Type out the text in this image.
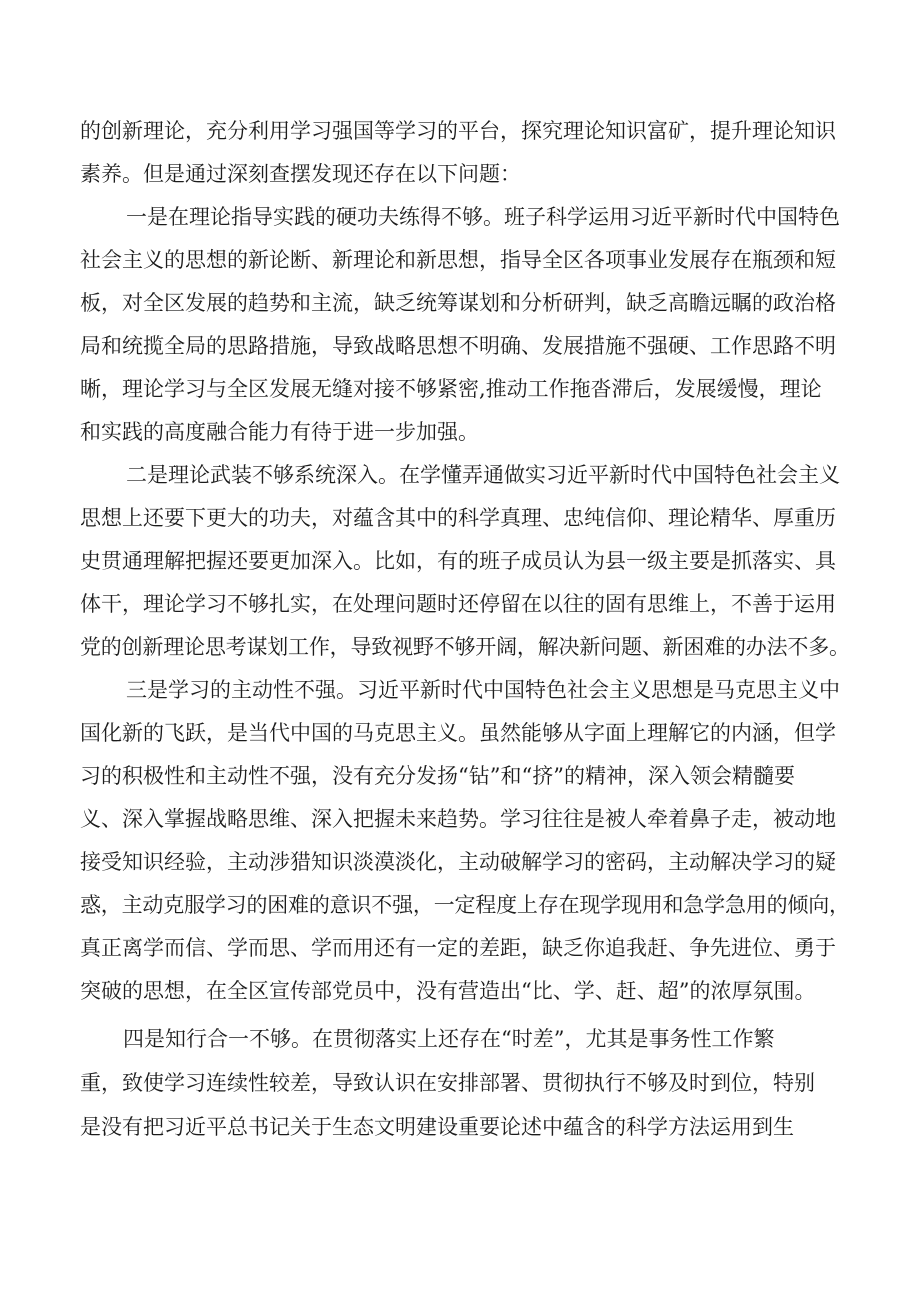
的创新理论，充分利用学习强国等学习的平台，探究理论知识富矿，提升理论知识
素养。但是通过深刻查摆发现还存在以下问题：
一是在理论指导实践的硬功夫练得不够。班子科学运用习近平新时代中国特色
社会主义的思想的新论断、新理论和新思想，指导全区各项事业发展存在瓶颈和短
板，对全区发展的趋势和主流，缺乏统筹谋划和分析研判，缺乏高瞻远瞩的政治格
局和统揽全局的思路措施，导致战略思想不明确、发展措施不强硬、工作思路不明
晰，理论学习与全区发展无缝对接不够紧密,推动工作拖沓滞后，发展缓慢，理论
和实践的高度融合能力有待于进一步加强。
二是理论武装不够系统深入。在学懂弄通做实习近平新时代中国特色社会主义
思想上还要下更大的功夫，对蕴含其中的科学真理、忠纯信仰、理论精华、厚重历
史贯通理解把握还要更加深入。比如，有的班子成员认为县一级主要是抓落实、具
体干，理论学习不够扎实，在处理问题时还停留在以往的固有思维上，不善于运用
党的创新理论思考谋划工作，导致视野不够开阔，解决新问题、新困难的办法不多。
三是学习的主动性不强。习近平新时代中国特色社会主义思想是马克思主义中
国化新的飞跃，是当代中国的马克思主义。虽然能够从字面上理解它的内涵，但学
习的积极性和主动性不强，没有充分发扬“钻”和“挤”的精神，深入领会精髓要
义、深入掌握战略思维、深入把握未来趋势。学习往往是被人牵着鼻子走，被动地
接受知识经验，主动涉猎知识淡漠淡化，主动破解学习的密码，主动解决学习的疑
惑，主动克服学习的困难的意识不强，一定程度上存在现学现用和急学急用的倾向，
真正离学而信、学而思、学而用还有一定的差距，缺乏你追我赶、争先进位、勇于
突破的思想，在全区宣传部党员中，没有营造出“比、学、赶、超”的浓厚氛围。
四是知行合一不够。在贯彻落实上还存在“时差”，尤其是事务性工作繁
重，致使学习连续性较差，导致认识在安排部署、贯彻执行不够及时到位，特别
是没有把习近平总书记关于生态文明建设重要论述中蕴含的科学方法运用到生
